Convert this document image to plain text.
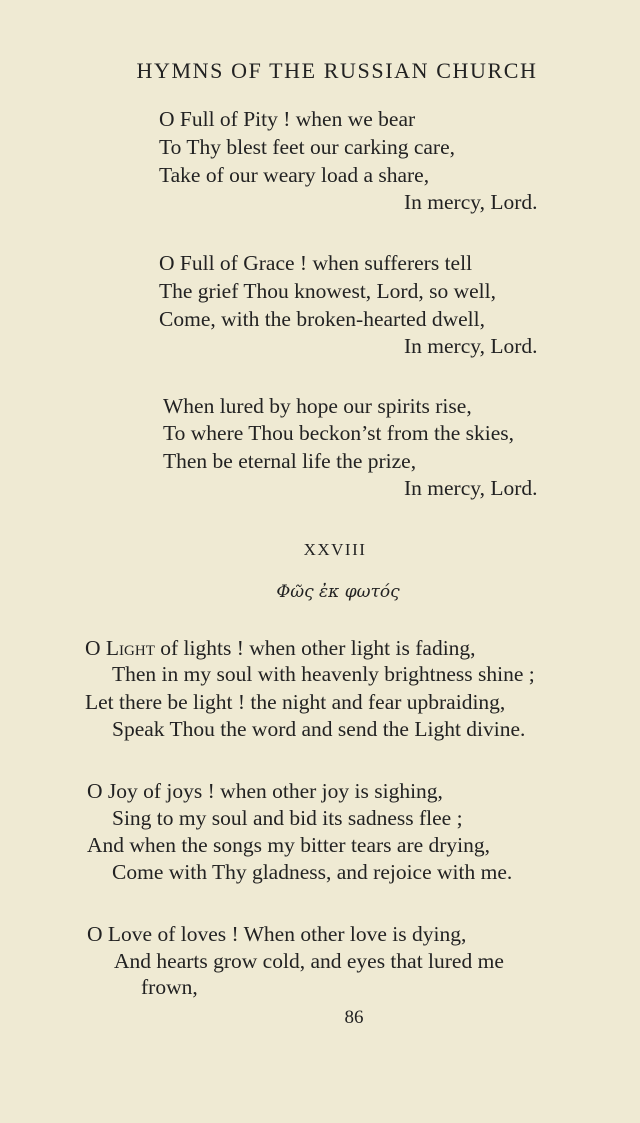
HYMNS OF THE RUSSIAN CHURCH
O Full of Pity ! when we bear
To Thy blest feet our carking care,
Take of our weary load a share,
In mercy, Lord.
O Full of Grace ! when sufferers tell
The grief Thou knowest, Lord, so well,
Come, with the broken-hearted dwell,
In mercy, Lord.
When lured by hope our spirits rise,
To where Thou beckon’st from the skies,
Then be eternal life the prize,
In mercy, Lord.
XXVIII
Φῶς ἐκ φωτός
O Light of lights ! when other light is fading,
Then in my soul with heavenly brightness shine ;
Let there be light ! the night and fear upbraiding,
Speak Thou the word and send the Light divine.
O Joy of joys ! when other joy is sighing,
Sing to my soul and bid its sadness flee ;
And when the songs my bitter tears are drying,
Come with Thy gladness, and rejoice with me.
O Love of loves ! When other love is dying,
And hearts grow cold, and eyes that lured me
frown,
86
